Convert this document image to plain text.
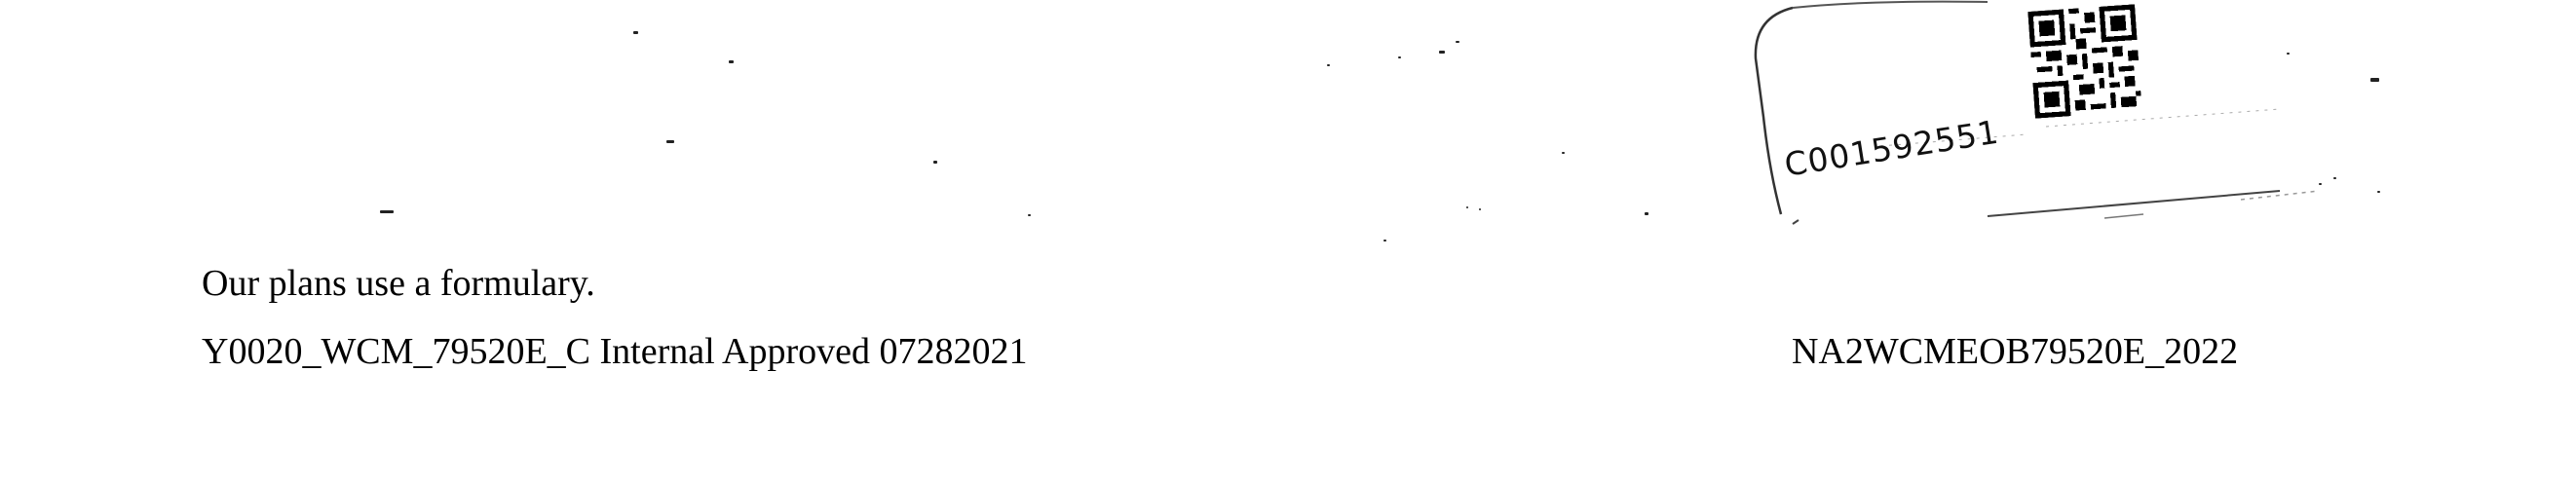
C001592551
Our plans use a formulary.
Y0020_WCM_79520E_C Internal Approved 07282021	NA2WCMEOB79520E_2022
